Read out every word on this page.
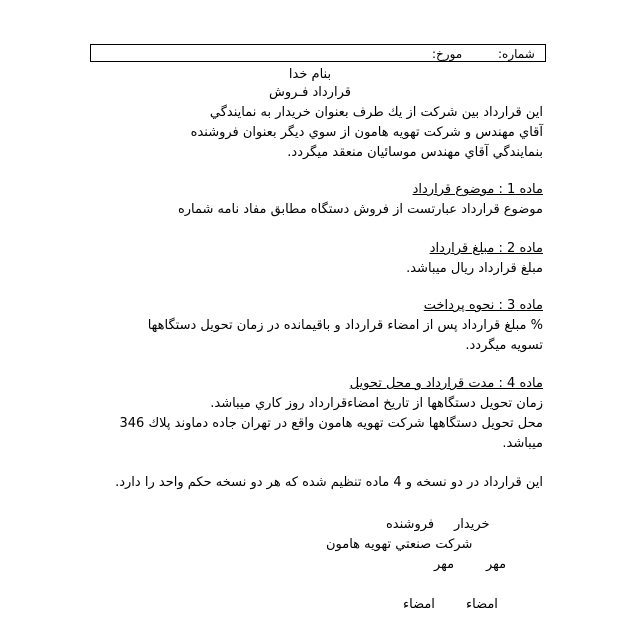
شماره:
مورخ:
بنام خدا
قرارداد فـروش
اين قرارداد بين شركت از يك طرف بعنوان خريدار به نمايندگي
آقاي مهندس و شركت تهويه هامون از سوي ديگر بعنوان فروشنده
بنمايندگي آقاي مهندس موسائيان منعقد ميگردد.
ماده 1 : موضوع قرارداد
موضوع قرارداد عبارتست از فروش دستگاه مطابق مفاد نامه شماره
ماده 2 : مبلغ قرارداد
مبلغ قرارداد ريال ميباشد.
ماده 3 : نحوه پرداخت
% مبلغ قرارداد پس از امضاء قرارداد و باقيمانده در زمان تحويل دستگاهها
تسويه ميگردد.
ماده 4 : مدت قرارداد و محل تحويل
زمان تحويل دستگاهها از تاريخ امضاءقرارداد روز كاري ميباشد.
محل تحويل دستگاهها شركت تهويه هامون واقع در تهران جاده دماوند پلاك 346
ميباشد.
اين قرارداد در دو نسخه و 4 ماده تنظيم شده كه هر دو نسخه حكم واحد را دارد.
خريدار
فروشنده
شركت صنعتي تهويه هامون
مهر
مهر
امضاء
امضاء
